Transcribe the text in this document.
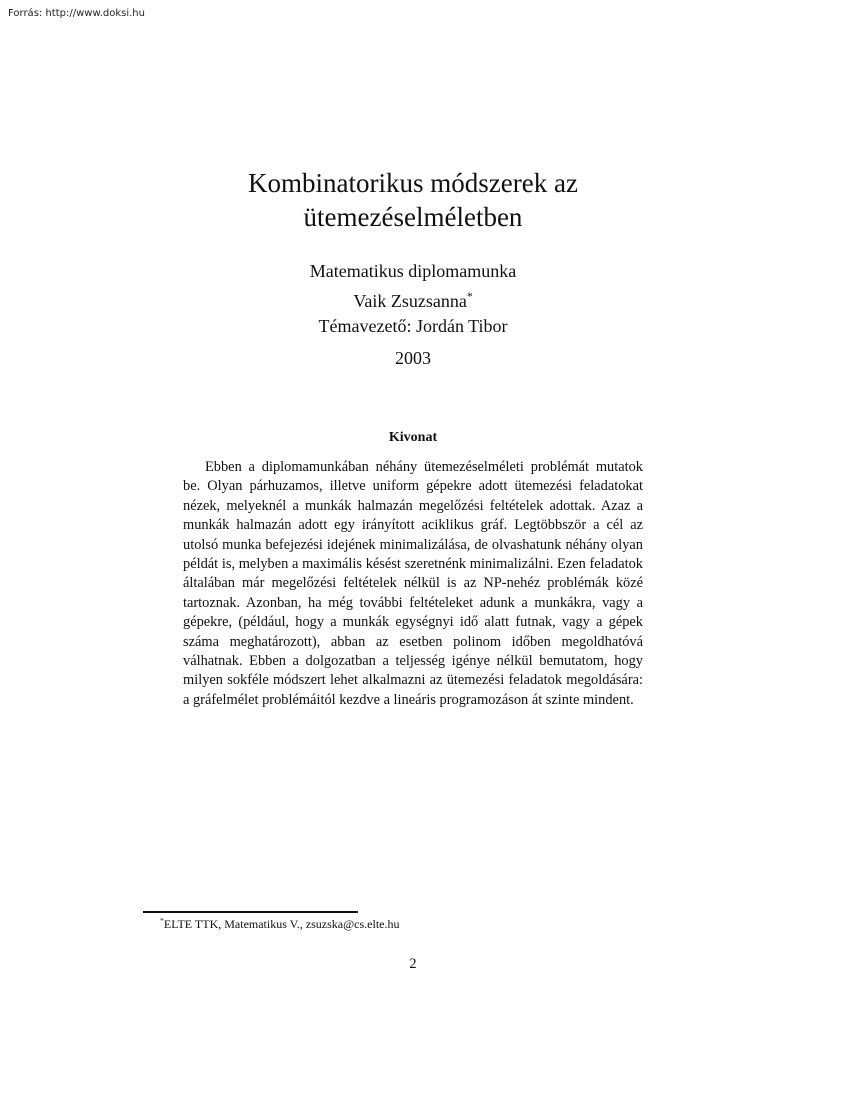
Forrás: http://www.doksi.hu
Kombinatorikus módszerek az
ütemezéselméletben
Matematikus diplomamunka
Vaik Zsuzsanna*
Témavezető: Jordán Tibor
2003
Kivonat
Ebben a diplomamunkában néhány ütemezéselméleti problémát mutatok be. Olyan párhuzamos, illetve uniform gépekre adott ütemezési feladatokat nézek, melyeknél a munkák halmazán megelőzési feltételek adottak. Azaz a munkák halmazán adott egy irányított aciklikus gráf. Legtöbbször a cél az utolsó munka befejezési idejének minimalizálása, de olvashatunk néhány olyan példát is, melyben a maximális késést szeretnénk minimalizálni. Ezen feladatok általában már megelőzési feltételek nélkül is az NP-nehéz problémák közé tartoznak. Azonban, ha még további feltételeket adunk a munkákra, vagy a gépekre, (például, hogy a munkák egységnyi idő alatt futnak, vagy a gépek száma meghatározott), abban az esetben polinom időben megoldhatóvá válhatnak. Ebben a dolgozatban a teljesség igénye nélkül bemutatom, hogy milyen sokféle módszert lehet alkalmazni az ütemezési feladatok megoldására: a gráfelmélet problémáitól kezdve a lineáris programozáson át szinte mindent.
*ELTE TTK, Matematikus V., zsuzska@cs.elte.hu
2
